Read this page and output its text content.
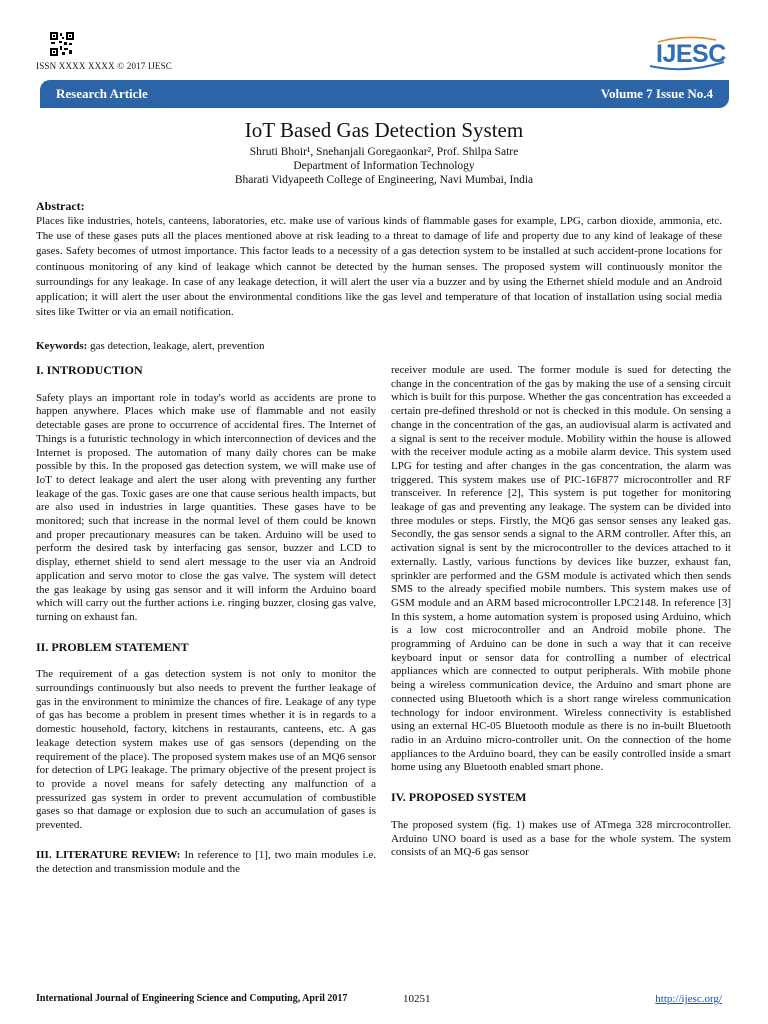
ISSN XXXX XXXX © 2017 IJESC	IJESC
Research Article	Volume 7 Issue No.4
IoT Based Gas Detection System
Shruti Bhoir¹, Snehanjali Goregaonkar², Prof. Shilpa Satre
Department of Information Technology
Bharati Vidyapeeth College of Engineering, Navi Mumbai, India
Abstract:

Places like industries, hotels, canteens, laboratories, etc. make use of various kinds of flammable gases for example, LPG, carbon dioxide, ammonia, etc. The use of these gases puts all the places mentioned above at risk leading to a threat to damage of life and property due to any kind of leakage of these gases. Safety becomes of utmost importance. This factor leads to a necessity of a gas detection system to be installed at such accident-prone locations for continuous monitoring of any kind of leakage which cannot be detected by the human senses. The proposed system will continuously monitor the surroundings for any leakage. In case of any leakage detection, it will alert the user via a buzzer and by using the Ethernet shield module and an Android application; it will alert the user about the environmental conditions like the gas level and temperature of that location of installation using social media sites like Twitter or via an email notification.

Keywords: gas detection, leakage, alert, prevention
I. INTRODUCTION

Safety plays an important role in today's world as accidents are prone to happen anywhere. Places which make use of flammable and not easily detectable gases are prone to occurrence of accidental fires. The Internet of Things is a futuristic technology in which interconnection of devices and the Internet is proposed. The automation of many daily chores can be make possible by this. In the proposed gas detection system, we will make use of IoT to detect leakage and alert the user along with preventing any further leakage of the gas. Toxic gases are one that cause serious health impacts, but are also used in industries in large quantities. These gases have to be monitored; such that increase in the normal level of them could be known and proper precautionary measures can be taken. Arduino will be used to perform the desired task by interfacing gas sensor, buzzer and LCD to display, ethernet shield to send alert message to the user via an Android application and servo motor to close the gas valve. The system will detect the gas leakage by using gas sensor and it will inform the Arduino board which will carry out the further actions i.e. ringing buzzer, closing gas valve, turning on exhaust fan.

II. PROBLEM STATEMENT

The requirement of a gas detection system is not only to monitor the surroundings continuously but also needs to prevent the further leakage of gas in the environment to minimize the chances of fire. Leakage of any type of gas has become a problem in present times whether it is in regards to a domestic household, factory, kitchens in restaurants, canteens, etc. A gas leakage detection system makes use of gas sensors (depending on the requirement of the place). The proposed system makes use of an MQ6 sensor for detection of LPG leakage. The primary objective of the present project is to provide a novel means for safely detecting any malfunction of a pressurized gas system in order to prevent accumulation of combustible gases so that damage or explosion due to such an accumulation of gases is prevented.

III. LITERATURE REVIEW: In reference to [1], two main modules i.e. the detection and transmission module and the

receiver module are used. The former module is sued for detecting the change in the concentration of the gas by making the use of a sensing circuit which is built for this purpose. Whether the gas concentration has exceeded a certain pre-defined threshold or not is checked in this module. On sensing a change in the concentration of the gas, an audiovisual alarm is activated and a signal is sent to the receiver module. Mobility within the house is allowed with the receiver module acting as a mobile alarm device. This system used LPG for testing and after changes in the gas concentration, the alarm was triggered. This system makes use of PIC-16F877 microcontroller and RF transceiver. In reference [2], This system is put together for monitoring leakage of gas and preventing any leakage. The system can be divided into three modules or steps. Firstly, the MQ6 gas sensor senses any leaked gas. Secondly, the gas sensor sends a signal to the ARM controller. After this, an activation signal is sent by the microcontroller to the devices attached to it externally. Lastly, various functions by devices like buzzer, exhaust fan, sprinkler are performed and the GSM module is activated which then sends SMS to the already specified mobile numbers. This system makes use of GSM module and an ARM based microcontroller LPC2148. In reference [3] In this system, a home automation system is proposed using Arduino, which is a low cost microcontroller and an Android mobile phone. The programming of Arduino can be done in such a way that it can receive keyboard input or sensor data for controlling a number of electrical appliances which are connected to output peripherals. With mobile phone being a wireless communication device, the Arduino and smart phone are connected using Bluetooth which is a short range wireless communication technology for indoor environment. Wireless connectivity is established using an external HC-05 Bluetooth module as there is no in-built Bluetooth radio in an Arduino micro-controller unit. On the connection of the home appliances to the Arduino board, they can be easily controlled inside a smart home using any Bluetooth enabled smart phone.

IV. PROPOSED SYSTEM

The proposed system (fig. 1) makes use of ATmega 328 mircrocontroller. Arduino UNO board is used as a base for the whole system. The system consists of an MQ-6 gas sensor

International Journal of Engineering Science and Computing, April 2017	10251	http://ijesc.org/
